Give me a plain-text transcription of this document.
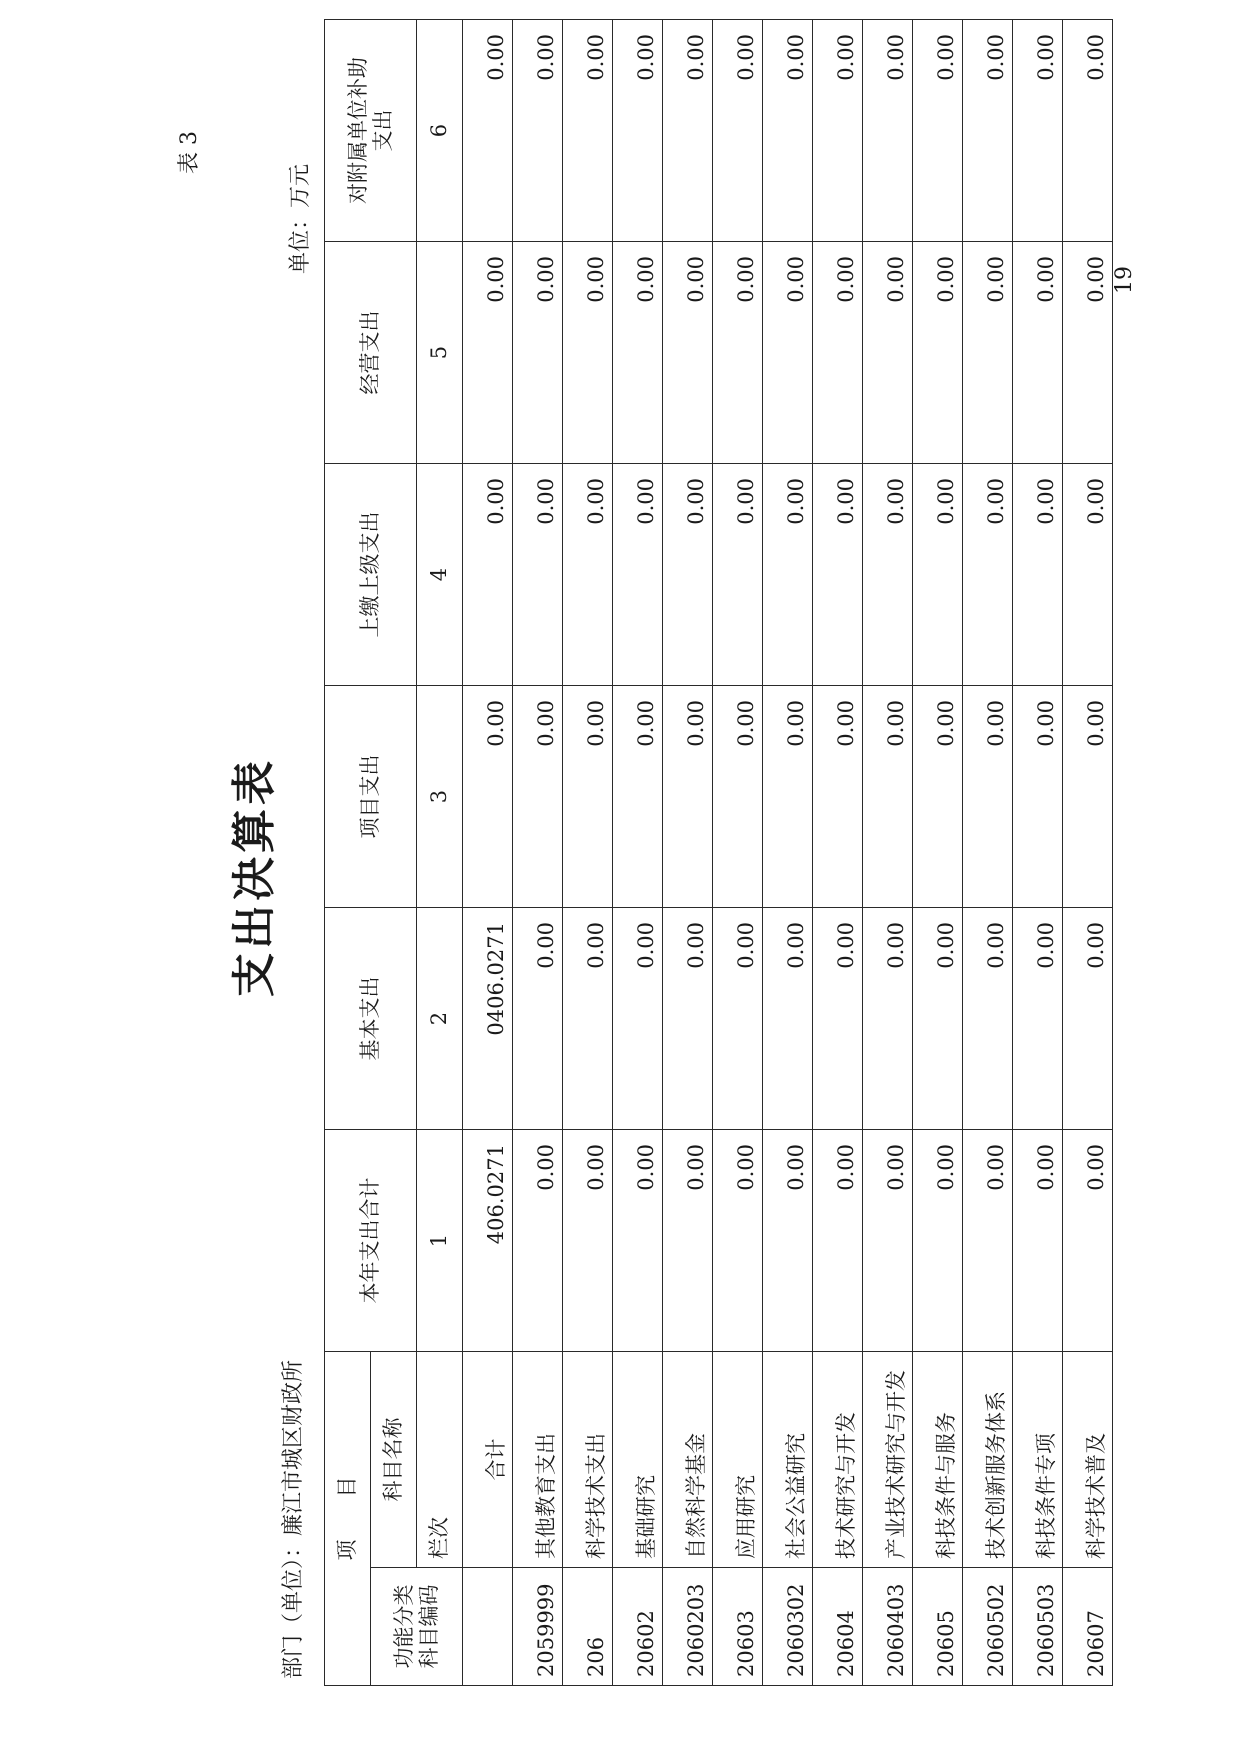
表 3
支出决算表
部门（单位）：廉江市城区财政所
单位：万元
项　　目		本年支出合计	基本支出	项目支出	上缴上级支出	经营支出	对附属单位补助
支出
功能分类
科目编码	科目名称						
	栏次	1	2	3	4	5	6
	合计	406.0271	0406.0271	0.00	0.00	0.00	0.00
2059999	其他教育支出	0.00	0.00	0.00	0.00	0.00	0.00
206	科学技术支出	0.00	0.00	0.00	0.00	0.00	0.00
20602	基础研究	0.00	0.00	0.00	0.00	0.00	0.00
2060203	自然科学基金	0.00	0.00	0.00	0.00	0.00	0.00
20603	应用研究	0.00	0.00	0.00	0.00	0.00	0.00
2060302	社会公益研究	0.00	0.00	0.00	0.00	0.00	0.00
20604	技术研究与开发	0.00	0.00	0.00	0.00	0.00	0.00
2060403	产业技术研究与开发	0.00	0.00	0.00	0.00	0.00	0.00
20605	科技条件与服务	0.00	0.00	0.00	0.00	0.00	0.00
2060502	技术创新服务体系	0.00	0.00	0.00	0.00	0.00	0.00
2060503	科技条件专项	0.00	0.00	0.00	0.00	0.00	0.00
20607	科学技术普及	0.00	0.00	0.00	0.00	0.00	0.00
19
